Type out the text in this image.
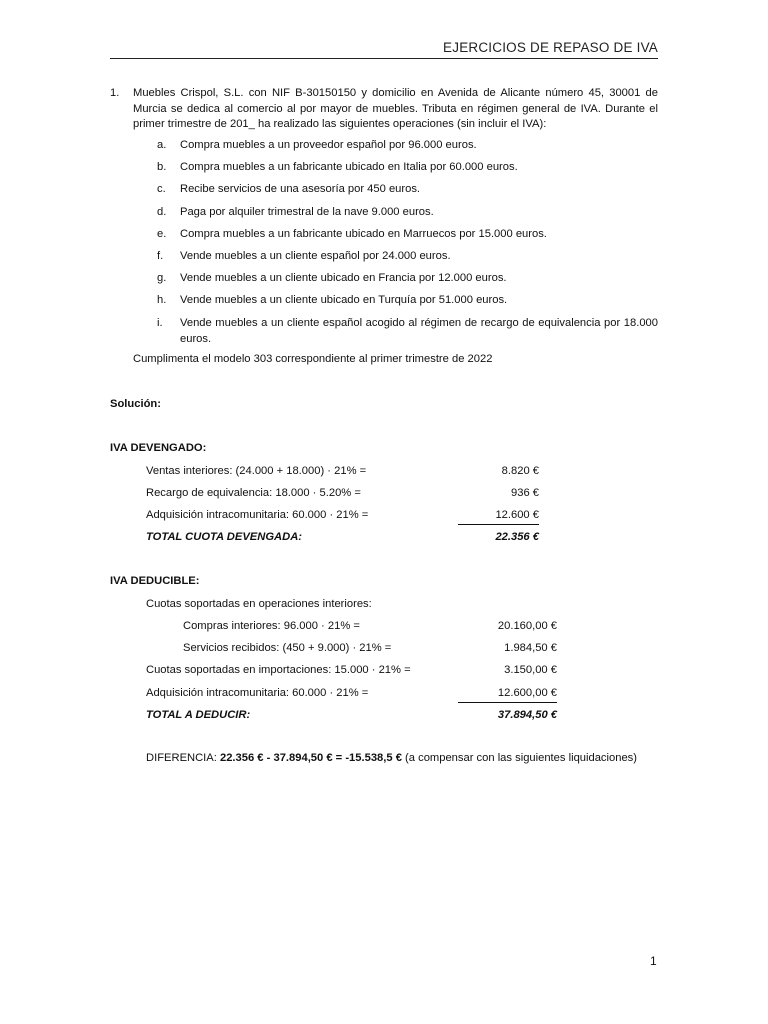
EJERCICIOS DE REPASO DE IVA
1. Muebles Crispol, S.L. con NIF B-30150150 y domicilio en Avenida de Alicante número 45, 30001 de Murcia se dedica al comercio al por mayor de muebles. Tributa en régimen general de IVA. Durante el primer trimestre de 201_ ha realizado las siguientes operaciones (sin incluir el IVA):
a.	Compra muebles a un proveedor español por 96.000 euros.
b.	Compra muebles a un fabricante ubicado en Italia por 60.000 euros.
c.	Recibe servicios de una asesoría por 450 euros.
d.	Paga por alquiler trimestral de la nave 9.000 euros.
e.	Compra muebles a un fabricante ubicado en Marruecos por 15.000 euros.
f.	Vende muebles a un cliente español por 24.000 euros.
g.	Vende muebles a un cliente ubicado en Francia por 12.000 euros.
h.	Vende muebles a un cliente ubicado en Turquía por 51.000 euros.
i.	Vende muebles a un cliente español acogido al régimen de recargo de equivalencia por 18.000 euros.
Cumplimenta el modelo 303 correspondiente al primer trimestre de 2022
Solución:
IVA DEVENGADO:
Ventas interiores: (24.000 + 18.000) · 21% =	8.820 €
Recargo de equivalencia: 18.000 · 5.20% =	936 €
Adquisición intracomunitaria: 60.000 · 21% =	12.600 €
TOTAL CUOTA DEVENGADA:	22.356 €
IVA DEDUCIBLE:
Cuotas soportadas en operaciones interiores:
Compras interiores: 96.000 · 21% =	20.160,00 €
Servicios recibidos: (450 + 9.000) · 21% =	1.984,50 €
Cuotas soportadas en importaciones: 15.000 · 21% =	3.150,00 €
Adquisición intracomunitaria: 60.000 · 21% =	12.600,00 €
TOTAL A DEDUCIR:	37.894,50 €
DIFERENCIA: 22.356 € - 37.894,50 € = -15.538,5 € (a compensar con las siguientes liquidaciones)
1
